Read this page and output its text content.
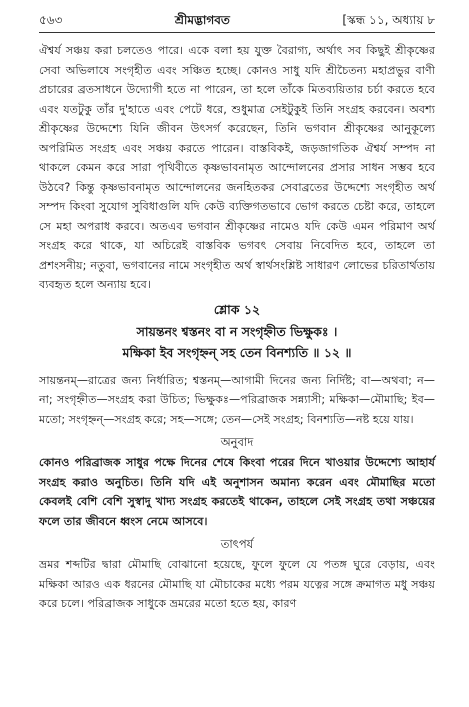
৫৬৩	শ্রীমদ্ভাগবত	[স্কন্ধ ১১, অধ্যায় ৮

ঐশ্বর্য সঞ্চয় করা চলতেও পারে। একে বলা হয় যুক্ত বৈরাগ্য, অর্থাৎ সব কিছুই শ্রীকৃষ্ণের সেবা অভিলাষে সংগৃহীত এবং সঞ্চিত হচ্ছে। কোনও সাধু যদি শ্রীচৈতন্য মহাপ্রভুর বাণী প্রচারের ব্রতসাধনে উদ্যোগী হতে না পারেন, তা হলে তাঁকে মিতব্যয়িতার চর্চা করতে হবে এবং যতটুকু তাঁর দু'হাতে এবং পেটে ধরে, শুধুমাত্র সেইটুকুই তিনি সংগ্রহ করবেন। অবশ্য শ্রীকৃষ্ণের উদ্দেশ্যে যিনি জীবন উৎসর্গ করেছেন, তিনি ভগবান শ্রীকৃষ্ণের আনুকূল্যে অপরিমিত সংগ্রহ এবং সঞ্চয় করতে পারেন। বাস্তবিকই, জড়জাগতিক ঐশ্বর্য সম্পদ না থাকলে কেমন করে সারা পৃথিবীতে কৃষ্ণভাবনামৃত আন্দোলনের প্রসার সাধন সম্ভব হবে উঠবে? কিন্তু কৃষ্ণভাবনামৃত আন্দোলনের জনহিতকর সেবাব্রতের উদ্দেশ্যে সংগৃহীত অর্থ সম্পদ কিংবা সুযোগ সুবিধাগুলি যদি কেউ ব্যক্তিগতভাবে ভোগ করতে চেষ্টা করে, তাহলে সে মহা অপরাধ করবে। অতএব ভগবান শ্রীকৃষ্ণের নামেও যদি কেউ এমন পরিমাণ অর্থ সংগ্রহ করে থাকে, যা অচিরেই বাস্তবিক ভগবৎ সেবায় নিবেদিত হবে, তাহলে তা প্রশংসনীয়; নতুবা, ভগবানের নামে সংগৃহীত অর্থ স্বার্থসংশ্লিষ্ট সাধারণ লোভের চরিতার্থতায় ব্যবহৃত হলে অন্যায় হবে।

শ্লোক ১২

সায়ন্তনং শ্বস্তনং বা ন সংগৃহ্নীত ভিক্ষুকঃ ।

মক্ষিকা ইব সংগৃহ্নন্ সহ তেন বিনশ্যতি ॥ ১২ ॥

সায়ন্তনম্—রাত্রের জন্য নির্ধারিত; শ্বস্তনম্—আগামী দিনের জন্য নির্দিষ্ট; বা—অথবা; ন—না; সংগৃহ্নীত—সংগ্রহ করা উচিত; ভিক্ষুকঃ—পরিব্রাজক সন্ন্যাসী; মক্ষিকা—মৌমাছি; ইব—মতো; সংগৃহ্নন্—সংগ্রহ করে; সহ—সঙ্গে; তেন—সেই সংগ্রহ; বিনশ্যতি—নষ্ট হয়ে যায়।

অনুবাদ

কোনও পরিব্রাজক সাধুর পক্ষে দিনের শেষে কিংবা পরের দিনে খাওয়ার উদ্দেশ্যে আহার্য সংগ্রহ করাও অনুচিত। তিনি যদি এই অনুশাসন অমান্য করেন এবং মৌমাছির মতো কেবলই বেশি বেশি সুস্বাদু খাদ্য সংগ্রহ করতেই থাকেন, তাহলে সেই সংগ্রহ তথা সঞ্চয়ের ফলে তার জীবনে ধ্বংস নেমে আসবে।

তাৎপর্য

ভ্রমর শব্দটির দ্বারা মৌমাছি বোঝানো হয়েছে, ফুলে ফুলে যে পতঙ্গ ঘুরে বেড়ায়, এবং মক্ষিকা আরও এক ধরনের মৌমাছি যা মৌচাকের মধ্যে পরম যত্নের সঙ্গে ক্রমাগত মধু সঞ্চয় করে চলে। পরিব্রাজক সাধুকে ভ্রমরের মতো হতে হয়, কারণ
